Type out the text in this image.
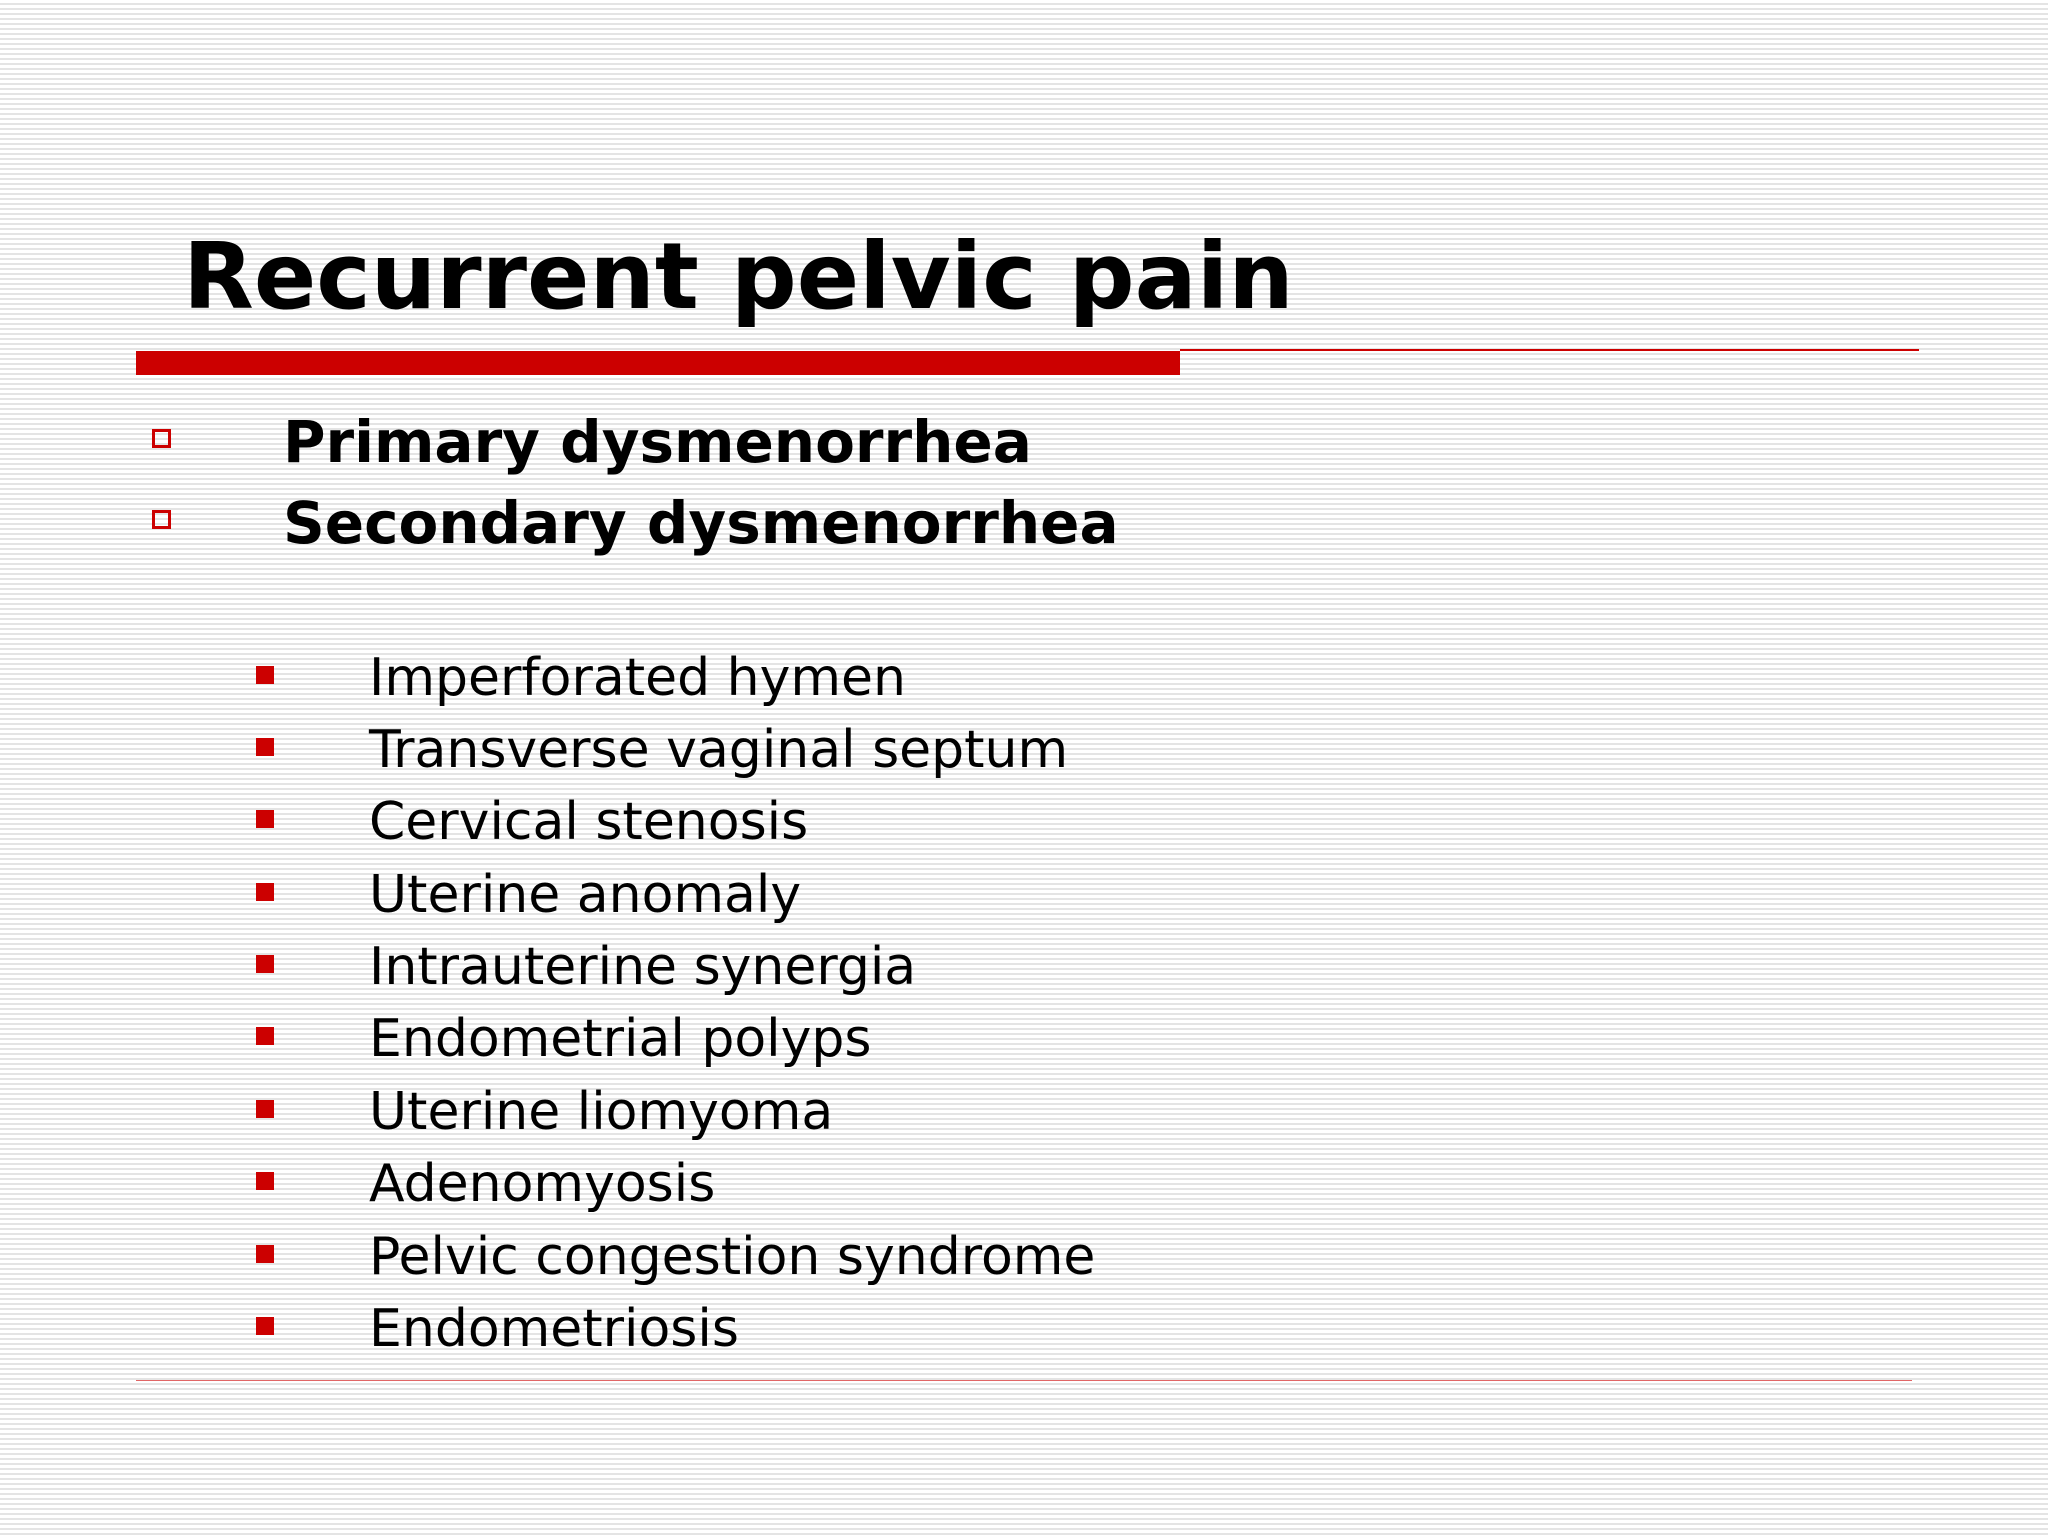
Recurrent pelvic pain
Primary dysmenorrhea
Secondary dysmenorrhea
Imperforated hymen
Transverse vaginal septum
Cervical stenosis
Uterine anomaly
Intrauterine synergia
Endometrial polyps
Uterine liomyoma
Adenomyosis
Pelvic congestion syndrome
Endometriosis
